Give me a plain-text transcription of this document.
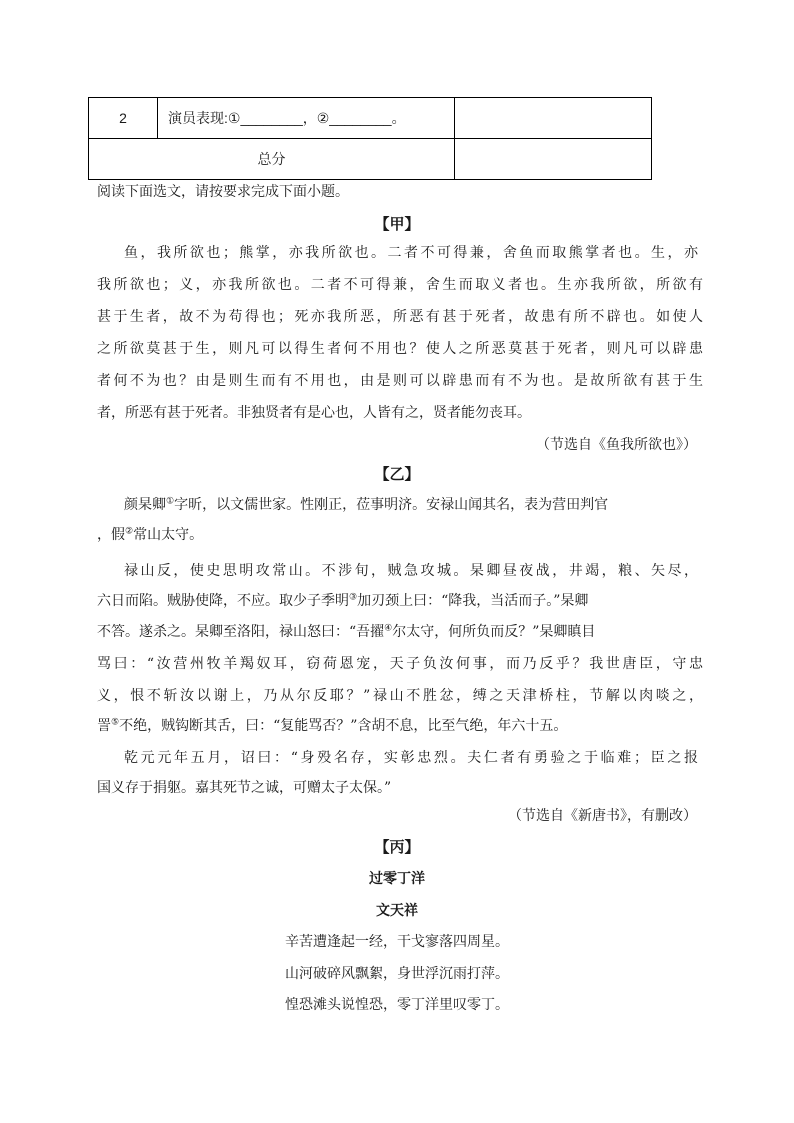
2	演员表现:①________，②________。	
总分		
阅读下面选文，请按要求完成下面小题。
【甲】
鱼，我所欲也；熊掌，亦我所欲也。二者不可得兼，舍鱼而取熊掌者也。生，亦
我所欲也；义，亦我所欲也。二者不可得兼，舍生而取义者也。生亦我所欲，所欲有
甚于生者，故不为苟得也；死亦我所恶，所恶有甚于死者，故患有所不辟也。如使人
之所欲莫甚于生，则凡可以得生者何不用也？使人之所恶莫甚于死者，则凡可以辟患
者何不为也？由是则生而有不用也，由是则可以辟患而有不为也。是故所欲有甚于生
者，所恶有甚于死者。非独贤者有是心也，人皆有之，贤者能勿丧耳。
（节选自《鱼我所欲也》）
【乙】
颜杲卿①字昕，以文儒世家。性刚正，莅事明济。安禄山闻其名，表为营田判官
，假②常山太守。
禄山反，使史思明攻常山。不涉旬，贼急攻城。杲卿昼夜战，井竭，粮、矢尽，
六日而陷。贼胁使降，不应。取少子季明③加刃颈上曰：“降我，当活而子。”杲卿
不答。遂杀之。杲卿至洛阳，禄山怒曰：“吾擢④尔太守，何所负而反？”杲卿瞋目
骂曰：“汝营州牧羊羯奴耳，窃荷恩宠，天子负汝何事，而乃反乎？我世唐臣，守忠
义，恨不斩汝以谢上，乃从尔反耶？”禄山不胜忿，缚之天津桥柱，节解以肉啖之，
詈⑤不绝，贼钩断其舌，曰：“复能骂否？”含胡不息，比至气绝，年六十五。
乾元元年五月，诏曰：“身殁名存，实彰忠烈。夫仁者有勇验之于临难；臣之报
国义存于捐躯。嘉其死节之诚，可赠太子太保。”
（节选自《新唐书》，有删改）
【丙】
过零丁洋
文天祥
辛苦遭逢起一经，干戈寥落四周星。
山河破碎风飘絮，身世浮沉雨打萍。
惶恐滩头说惶恐，零丁洋里叹零丁。
